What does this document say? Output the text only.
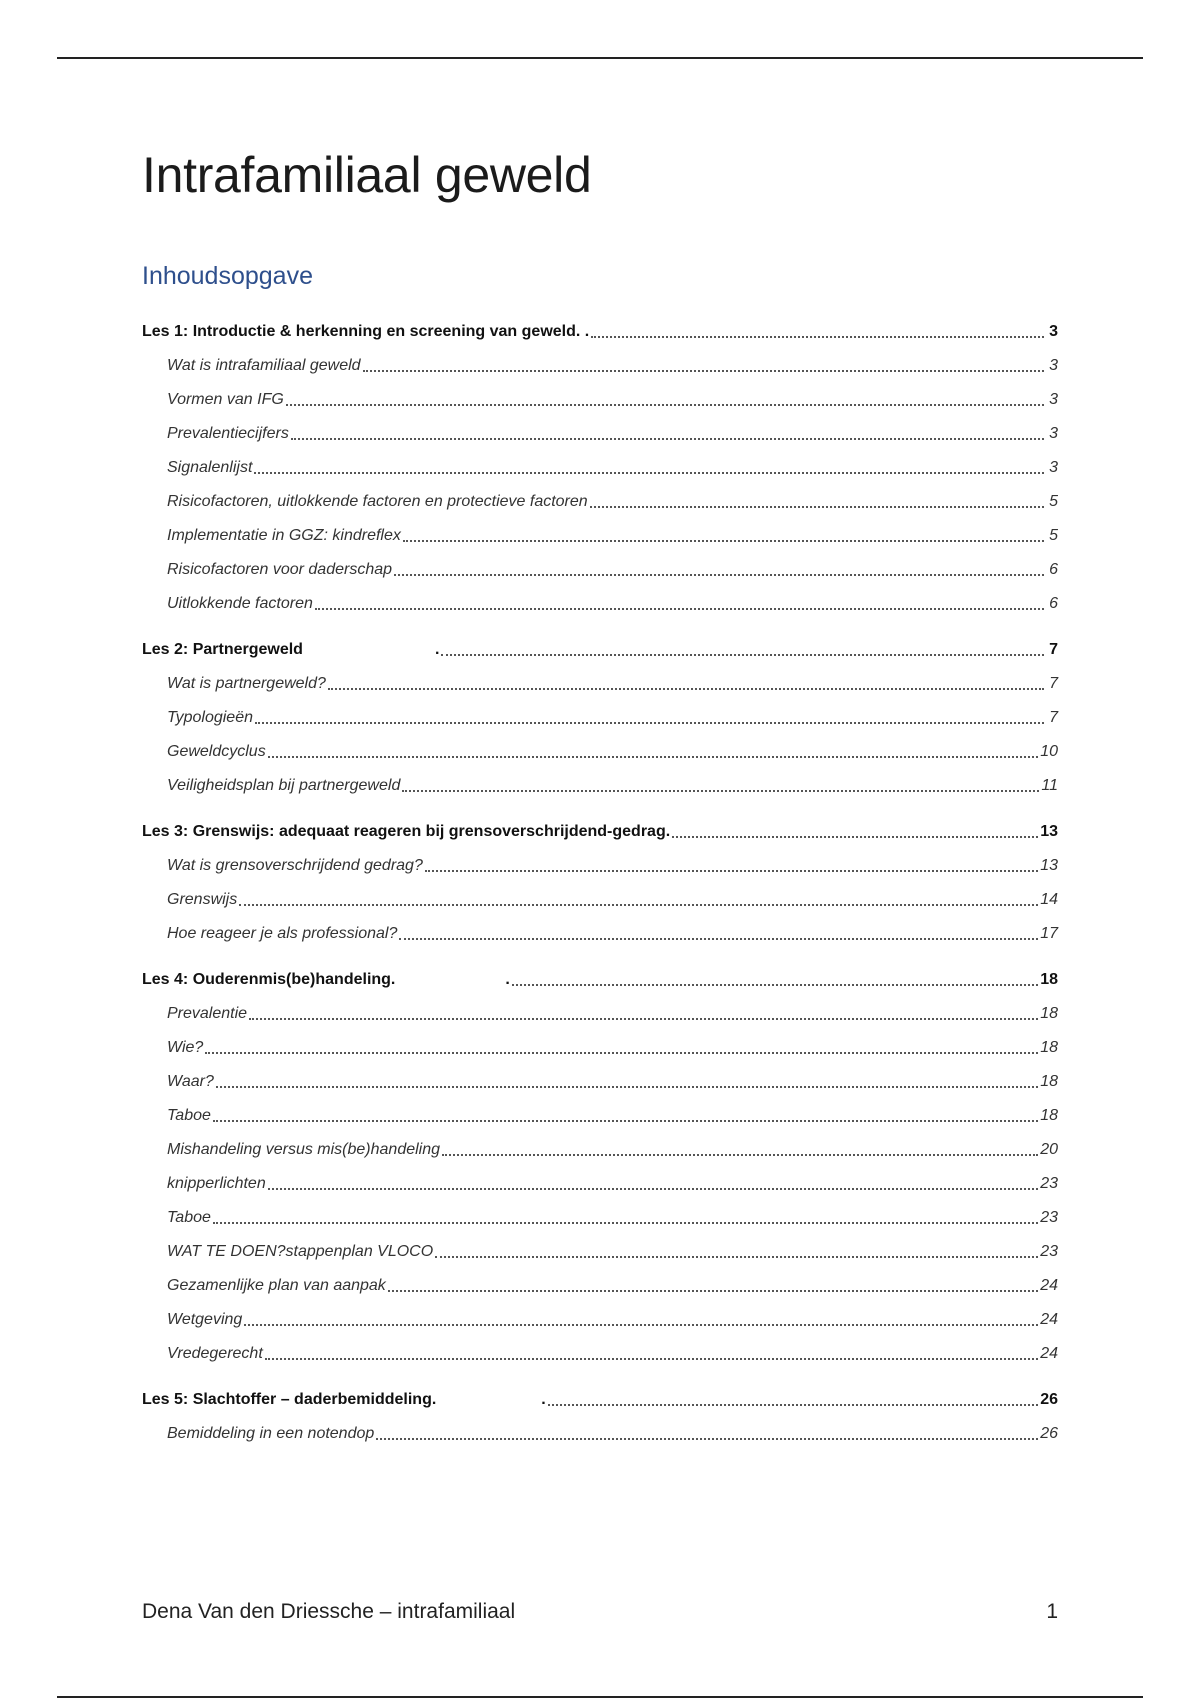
Intrafamiliaal geweld
Inhoudsopgave
Les 1: Introductie & herkenning en screening van geweld. .	3
Wat is intrafamiliaal geweld	3
Vormen van IFG	3
Prevalentiecijfers	3
Signalenlijst	3
Risicofactoren, uitlokkende factoren en protectieve factoren	5
Implementatie in GGZ: kindreflex	5
Risicofactoren voor daderschap	6
Uitlokkende factoren	6
Les 2: Partnergeweld	.	7
Wat is partnergeweld?	7
Typologieën	7
Geweldcyclus	10
Veiligheidsplan bij partnergeweld	11
Les 3: Grenswijs: adequaat reageren bij grensoverschrijdend-gedrag.	13
Wat is grensoverschrijdend gedrag?	13
Grenswijs	14
Hoe reageer je als professional?	17
Les 4: Ouderenmis(be)handeling.	.	18
Prevalentie	18
Wie?	18
Waar?	18
Taboe	18
Mishandeling versus mis(be)handeling	20
knipperlichten	23
Taboe	23
WAT TE DOEN?stappenplan VLOCO	23
Gezamenlijke plan van aanpak	24
Wetgeving	24
Vredegerecht	24
Les 5: Slachtoffer – daderbemiddeling.	.	26
Bemiddeling in een notendop	26
Dena Van den Driessche – intrafamiliaal	1
